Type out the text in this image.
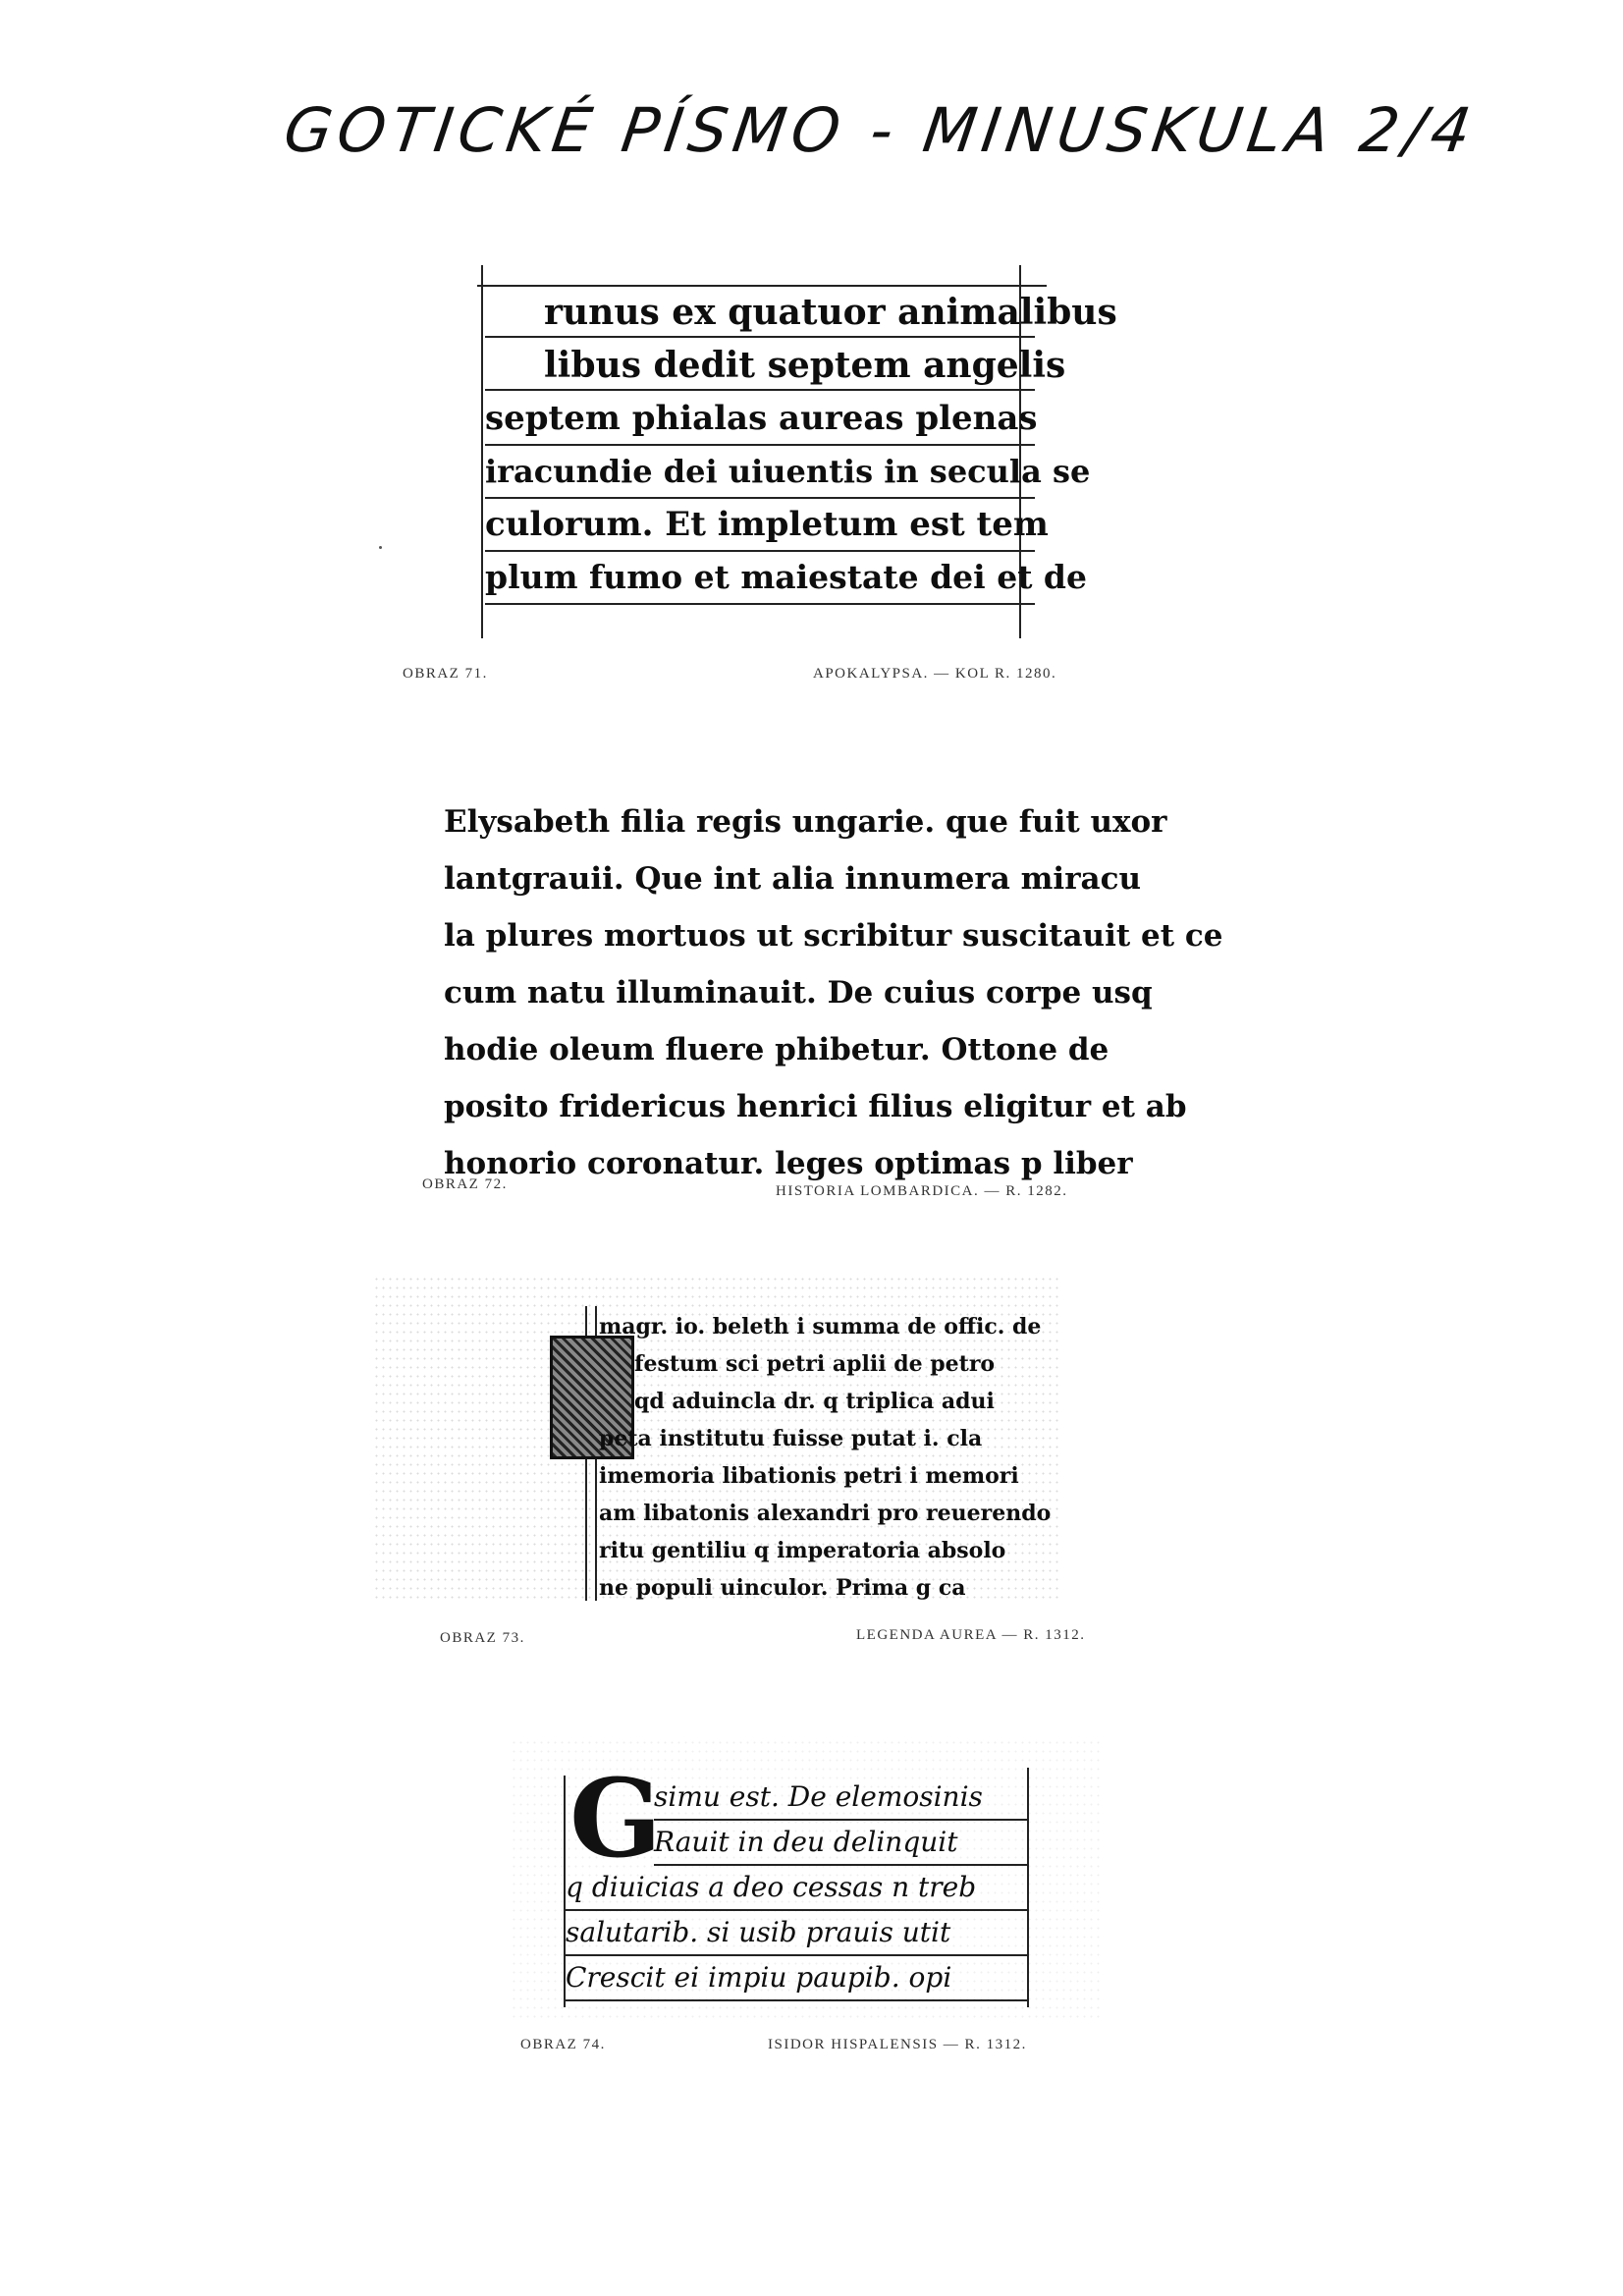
GOTICKÉ PÍSMO - MINUSKULA 2/4
runus ex quatuor animalibus
libus dedit septem angelis
septem phialas aureas plenas
iracundie dei uiuentis in secula se
culorum. Et impletum est tem
plum fumo et maiestate dei et de
OBRAZ 71.	APOKALYPSA. — KOL R. 1280.
Elysabeth filia regis ungarie. que fuit uxor
lantgrauii. Que int alia innumera miracu
la plures mortuos ut scribitur suscitauit et ce
cum natu illuminauit. De cuius corpe usq
hodie oleum fluere phibetur. Ottone de
posito fridericus henrici filius eligitur et ab
honorio coronatur. leges optimas p liber
OBRAZ 72.	HISTORIA LOMBARDICA. — R. 1282.
magr. io. beleth i summa de offic. de
festum sci petri aplii de petro
qd aduincla dr. q triplica adui
peta institutu fuisse putat i. cla
imemoria libationis petri i memori
am libatonis alexandri pro reuerendo
ritu gentiliu q imperatoria absolo
ne populi uinculor. Prima g ca
OBRAZ 73.	LEGENDA AUREA — R. 1312.
G
simu est. De elemosinis
Rauit in deu delinquit
q diuicias a deo cessas n treb
salutarib. si usib prauis utit
Crescit ei impiu paupib. opi
OBRAZ 74.	ISIDOR HISPALENSIS — R. 1312.
